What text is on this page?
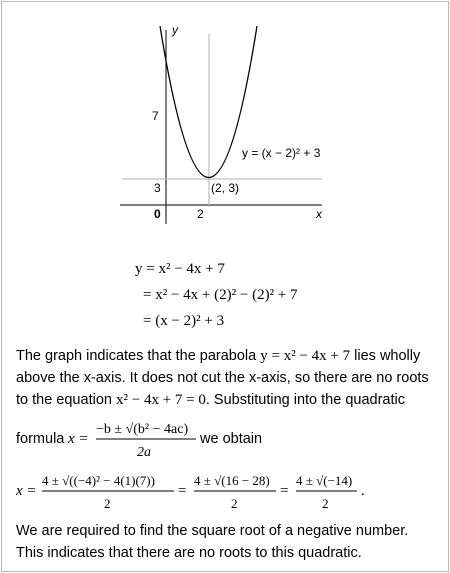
y
x
7
3
0	2
(2, 3)
y = (x − 2)² + 3
y = x² − 4x + 7
= x² − 4x + (2)² − (2)² + 7
= (x − 2)² + 3
The graph indicates that the parabola y = x² − 4x + 7 lies wholly
above the x-axis. It does not cut the x-axis, so there are no roots
to the equation x² − 4x + 7 = 0. Substituting into the quadratic
formula x =
−b ± √(b² − 4ac)
2a
we obtain
x =
4 ± √((−4)² − 4(1)(7))
2
=
4 ± √(16 − 28)
2
=
4 ± √(−14)
2
.
We are required to find the square root of a negative number.
This indicates that there are no roots to this quadratic.
